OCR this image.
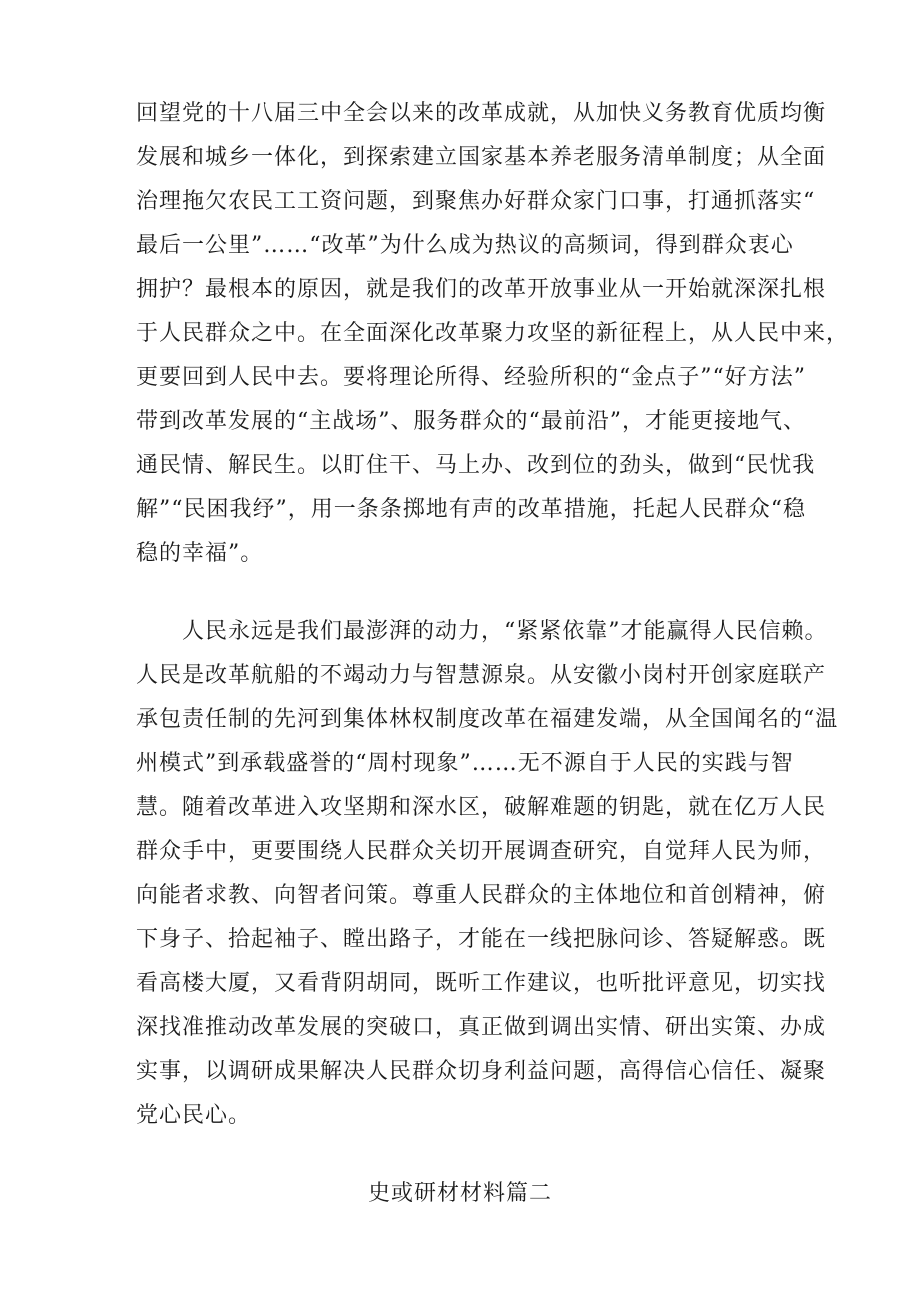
回望党的十八届三中全会以来的改革成就，从加快义务教育优质均衡
发展和城乡一体化，到探索建立国家基本养老服务清单制度；从全面
治理拖欠农民工工资问题，到聚焦办好群众家门口事，打通抓落实“
最后一公里”……“改革”为什么成为热议的高频词，得到群众衷心
拥护？最根本的原因，就是我们的改革开放事业从一开始就深深扎根
于人民群众之中。在全面深化改革聚力攻坚的新征程上，从人民中来，
更要回到人民中去。要将理论所得、经验所积的“金点子”“好方法”
带到改革发展的“主战场”、服务群众的“最前沿”，才能更接地气、
通民情、解民生。以盯住干、马上办、改到位的劲头，做到“民忧我
解”“民困我纾”，用一条条掷地有声的改革措施，托起人民群众“稳
稳的幸福”。
　　人民永远是我们最澎湃的动力，“紧紧依靠”才能赢得人民信赖。
人民是改革航船的不竭动力与智慧源泉。从安徽小岗村开创家庭联产
承包责任制的先河到集体林权制度改革在福建发端，从全国闻名的“温
州模式”到承载盛誉的“周村现象”……无不源自于人民的实践与智
慧。随着改革进入攻坚期和深水区，破解难题的钥匙，就在亿万人民
群众手中，更要围绕人民群众关切开展调查研究，自觉拜人民为师，
向能者求教、向智者问策。尊重人民群众的主体地位和首创精神，俯
下身子、拾起袖子、瞠出路子，才能在一线把脉问诊、答疑解惑。既
看高楼大厦，又看背阴胡同，既听工作建议，也听批评意见，切实找
深找准推动改革发展的突破口，真正做到调出实情、研出实策、办成
实事，以调研成果解决人民群众切身利益问题，高得信心信任、凝聚
党心民心。
史或研材材料篇二
